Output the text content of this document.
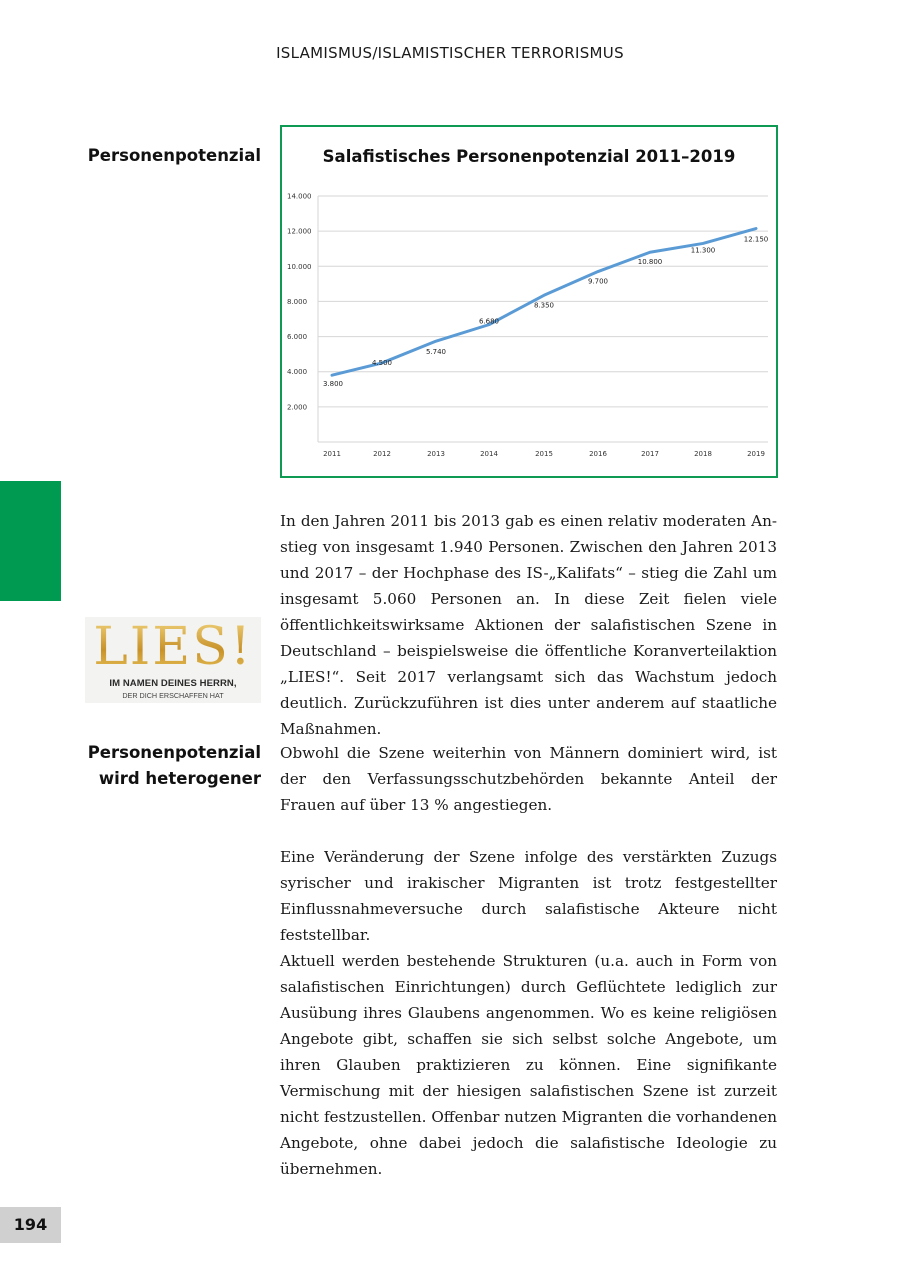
ISLAMISMUS/ISLAMISTISCHER TERRORISMUS
Personenpotenzial	Salafistisches Personenpotenzial 2011–2019
14.000
12.000
10.000
8.000
6.000
4.000
2.000
2011	2012	2013	2014	2015	2016	2017	2018	2019
3.800
4.500
5.740
6.680
8.350
9.700
10.800
11.300
12.150
LIES!
IM NAMEN DEINES HERRN,
DER DICH ERSCHAFFEN HAT

In den Jahren 2011 bis 2013 gab es einen relativ moderaten Anstieg von insgesamt 1.940 Personen. Zwischen den Jahren 2013 und 2017 – der Hochphase des IS-„Kalifats“ – stieg die Zahl um insgesamt 5.060 Personen an. In diese Zeit fielen viele öffentlichkeitswirksame Aktionen der salafistischen Szene in Deutschland – beispielsweise die öffentliche Koranverteilaktion „LIES!“. Seit 2017 verlangsamt sich das Wachstum jedoch deutlich. Zurückzuführen ist dies unter anderem auf staatliche Maßnahmen.

Personenpotenzial
wird heterogener

Obwohl die Szene weiterhin von Männern dominiert wird, ist der den Verfassungsschutzbehörden bekannte Anteil der Frauen auf über 13 % angestiegen.

Eine Veränderung der Szene infolge des verstärkten Zuzugs syrischer und irakischer Migranten ist trotz festgestellter Einflussnahmeversuche durch salafistische Akteure nicht feststellbar.

Aktuell werden bestehende Strukturen (u.a. auch in Form von salafistischen Einrichtungen) durch Geflüchtete lediglich zur Ausübung ihres Glaubens angenommen. Wo es keine religiösen Angebote gibt, schaffen sie sich selbst solche Angebote, um ihren Glauben praktizieren zu können. Eine signifikante Vermischung mit der hiesigen salafistischen Szene ist zurzeit nicht festzustellen. Offenbar nutzen Migranten die vorhandenen Angebote, ohne dabei jedoch die salafistische Ideologie zu übernehmen.

194
